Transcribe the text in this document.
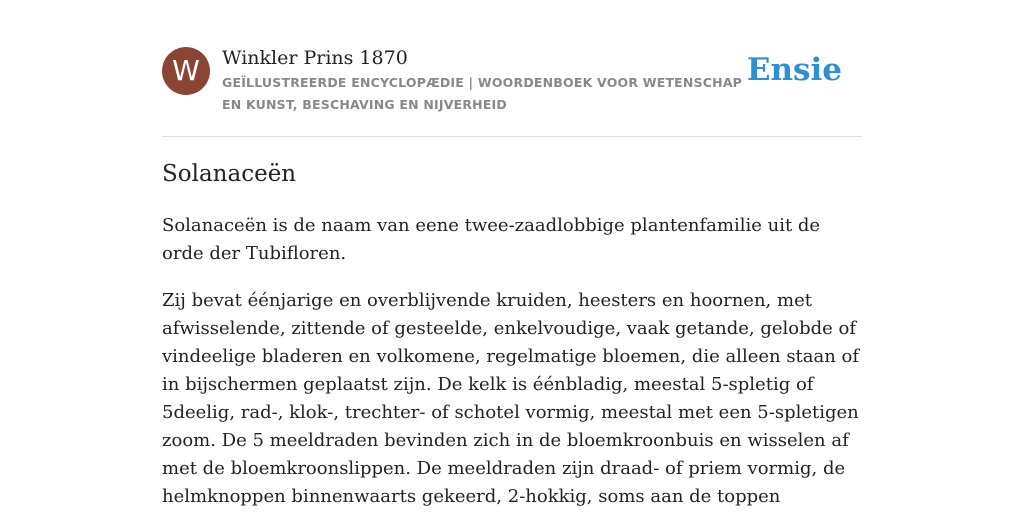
W	Winkler Prins 1870
GEÏLLUSTREERDE ENCYCLOPÆDIE | WOORDENBOEK VOOR WETENSCHAP EN KUNST, BESCHAVING EN NIJVERHEID
Ensie
Solanaceën

Solanaceën is de naam van eene twee-zaadlobbige plantenfamilie uit de orde der Tubifloren.

Zij bevat éénjarige en overblijvende kruiden, heesters en hoornen, met afwisselende, zittende of gesteelde, enkelvoudige, vaak getande, gelobde of vindeelige bladeren en volkomene, regelmatige bloemen, die alleen staan of in bijschermen geplaatst zijn. De kelk is éénbladig, meestal 5-spletig of 5deelig, rad-, klok-, trechter- of schotel vormig, meestal met een 5-spletigen zoom. De 5 meeldraden bevinden zich in de bloemkroonbuis en wisselen af met de bloemkroonslippen. De meeldraden zijn draad- of priem vormig, de helmknoppen binnenwaarts gekeerd, 2-hokkig, soms aan de toppen
